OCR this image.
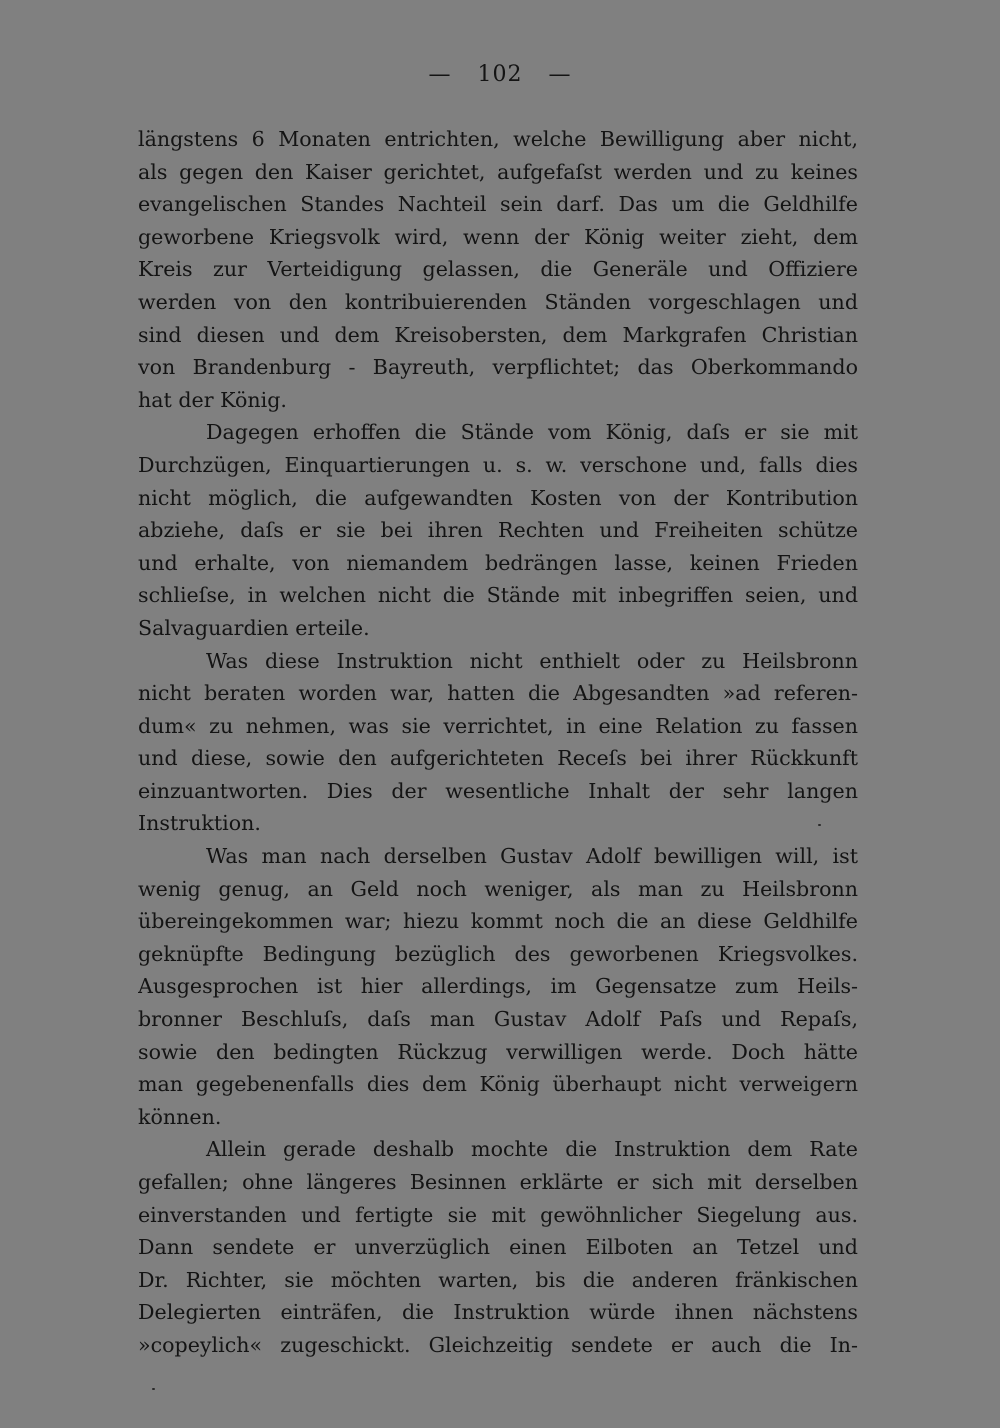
— 102 —
längstens 6 Monaten entrichten, welche Bewilligung aber nicht,
als gegen den Kaiser gerichtet, aufgefaſst werden und zu keines
evangelischen Standes Nachteil sein darf. Das um die Geldhilfe
geworbene Kriegsvolk wird, wenn der König weiter zieht, dem
Kreis zur Verteidigung gelassen, die Generäle und Offiziere
werden von den kontribuierenden Ständen vorgeschlagen und
sind diesen und dem Kreisobersten, dem Markgrafen Christian
von Brandenburg - Bayreuth, verpflichtet; das Oberkommando
hat der König.
Dagegen erhoffen die Stände vom König, daſs er sie mit
Durchzügen, Einquartierungen u. s. w. verschone und, falls dies
nicht möglich, die aufgewandten Kosten von der Kontribution
abziehe, daſs er sie bei ihren Rechten und Freiheiten schütze
und erhalte, von niemandem bedrängen lasse, keinen Frieden
schlieſse, in welchen nicht die Stände mit inbegriffen seien, und
Salvaguardien erteile.
Was diese Instruktion nicht enthielt oder zu Heilsbronn
nicht beraten worden war, hatten die Abgesandten »ad referen-
dum« zu nehmen, was sie verrichtet, in eine Relation zu fassen
und diese, sowie den aufgerichteten Receſs bei ihrer Rückkunft
einzuantworten. Dies der wesentliche Inhalt der sehr langen
Instruktion.
Was man nach derselben Gustav Adolf bewilligen will, ist
wenig genug, an Geld noch weniger, als man zu Heilsbronn
übereingekommen war; hiezu kommt noch die an diese Geldhilfe
geknüpfte Bedingung bezüglich des geworbenen Kriegsvolkes.
Ausgesprochen ist hier allerdings, im Gegensatze zum Heils-
bronner Beschluſs, daſs man Gustav Adolf Paſs und Repaſs,
sowie den bedingten Rückzug verwilligen werde. Doch hätte
man gegebenenfalls dies dem König überhaupt nicht verweigern
können.
Allein gerade deshalb mochte die Instruktion dem Rate
gefallen; ohne längeres Besinnen erklärte er sich mit derselben
einverstanden und fertigte sie mit gewöhnlicher Siegelung aus.
Dann sendete er unverzüglich einen Eilboten an Tetzel und
Dr. Richter, sie möchten warten, bis die anderen fränkischen
Delegierten einträfen, die Instruktion würde ihnen nächstens
»copeylich« zugeschickt. Gleichzeitig sendete er auch die In-
